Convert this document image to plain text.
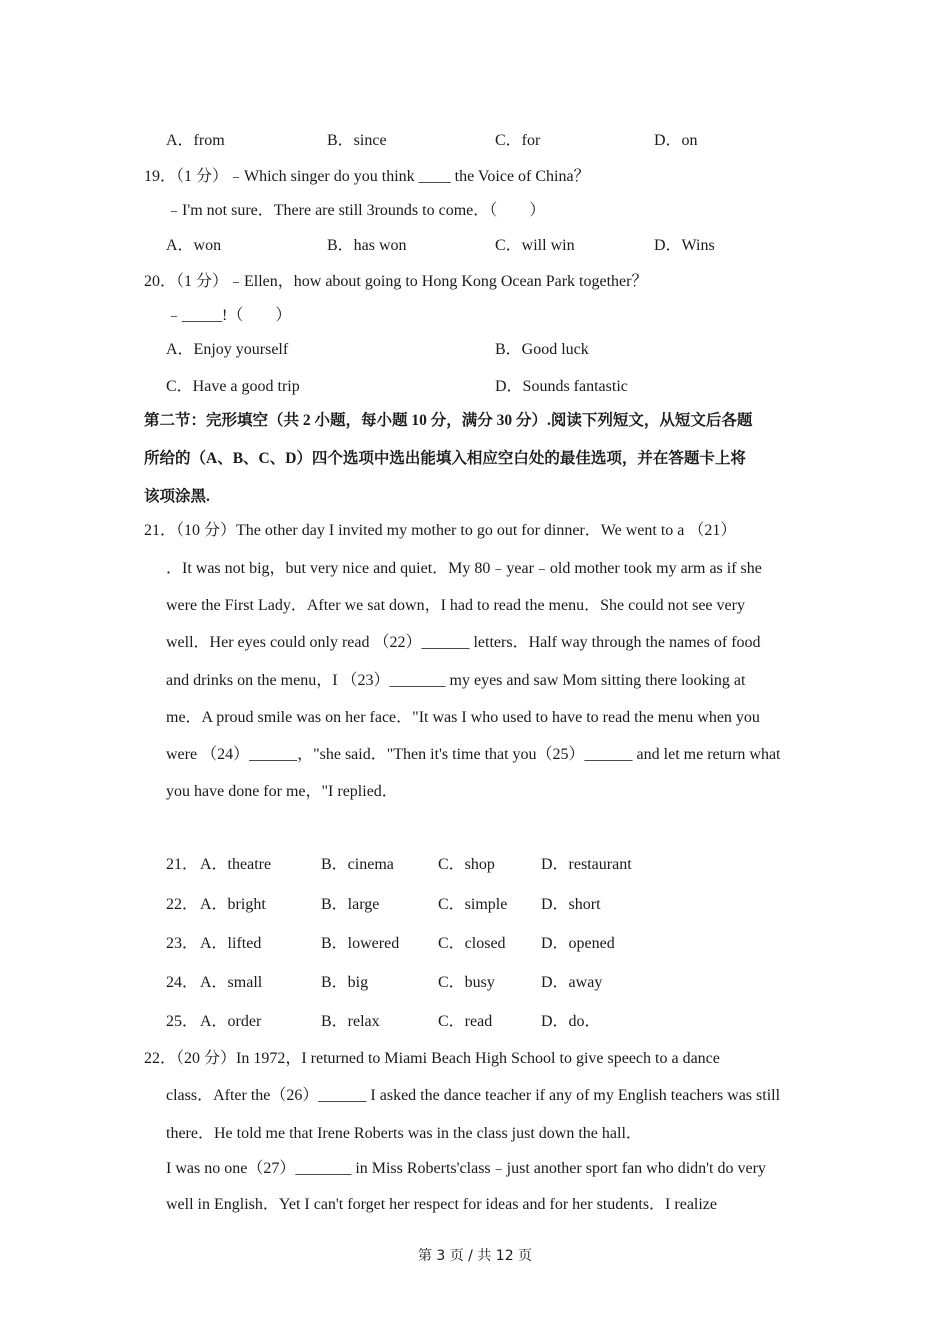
A．from	B．since	C．for	D．on
19．（1 分）﹣Which singer do you think ____ the Voice of China？
﹣I'm not sure．There are still 3rounds to come．（　　）
A．won	B．has won	C．will win	D．Wins
20．（1 分）﹣Ellen，how about going to Hong Kong Ocean Park together？
﹣_____!（　　）
A．Enjoy yourself	B．Good luck
C．Have a good trip	D．Sounds fantastic
第二节：完形填空（共 2 小题，每小题 10 分，满分 30 分）.阅读下列短文，从短文后各题
所给的（A、B、C、D）四个选项中选出能填入相应空白处的最佳选项，并在答题卡上将
该项涂黑.
21．（10 分）The other day I invited my mother to go out for dinner．We went to a （21）
．It was not big，but very nice and quiet．My 80﹣year﹣old mother took my arm as if she
were the First Lady．After we sat down，I had to read the menu．She could not see very
well．Her eyes could only read （22）______ letters．Half way through the names of food
and drinks on the menu，I （23）_______ my eyes and saw Mom sitting there looking at
me．A proud smile was on her face．"It was I who used to have to read the menu when you
were （24）______，"she said．"Then it's time that you（25）______ and let me return what
you have done for me，"I replied．
21． A．theatre	B．cinema	C．shop	D．restaurant
22． A．bright	B．large	C．simple D．short
23． A．lifted	B．lowered C．closed D．opened
24． A．small	B．big	C．busy	D．away
25． A．order	B．relax	C．read	D．do．
22．（20 分）In 1972，I returned to Miami Beach High School to give speech to a dance
class．After the（26）______ I asked the dance teacher if any of my English teachers was still
there．He told me that Irene Roberts was in the class just down the hall．
I was no one（27）_______ in Miss Roberts'class﹣just another sport fan who didn't do very
well in English．Yet I can't forget her respect for ideas and for her students．I realize
第 3 页 / 共 12 页
